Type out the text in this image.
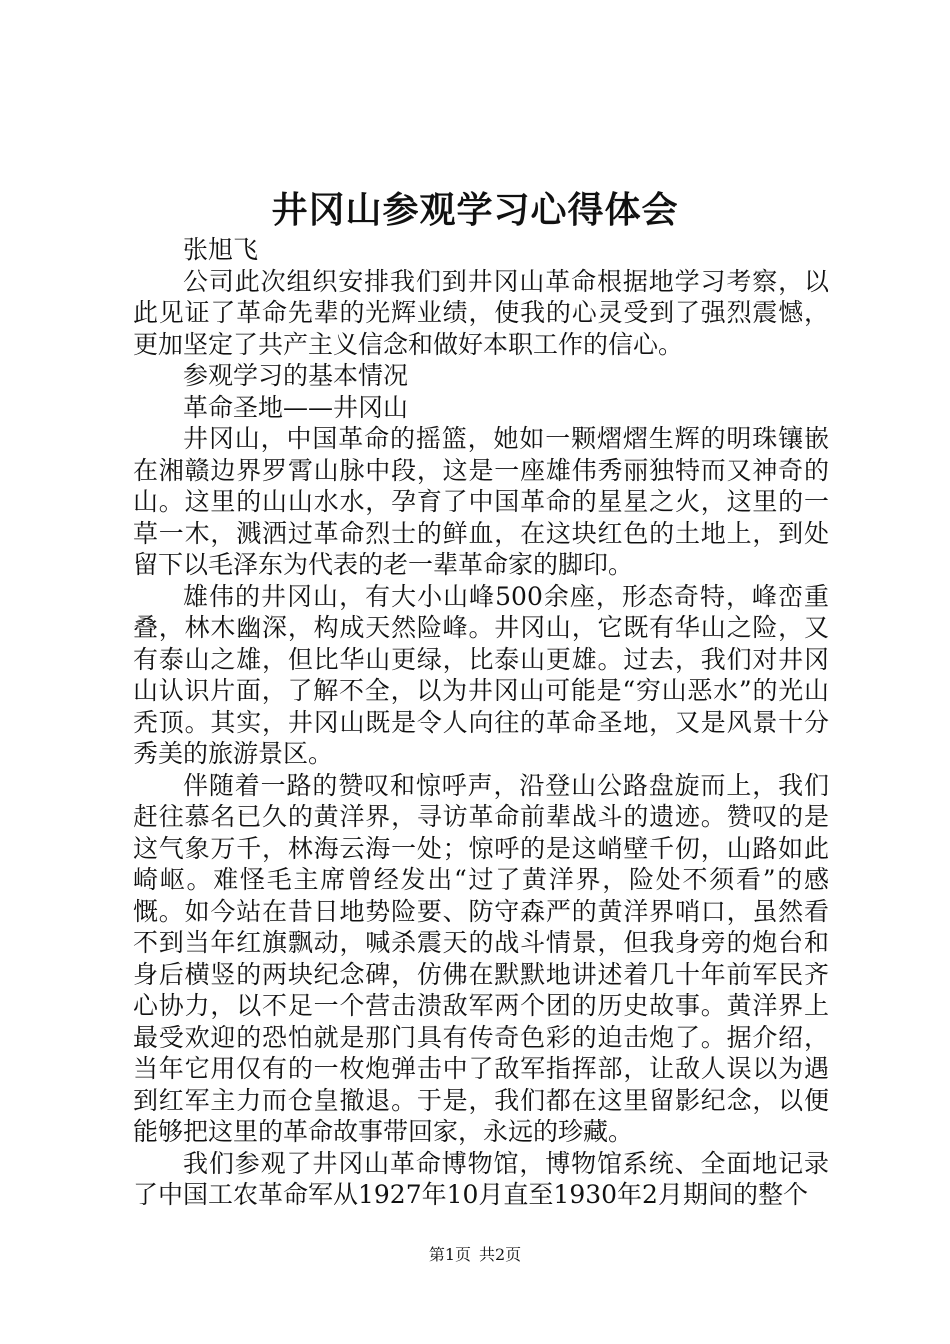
井冈山参观学习心得体会

张旭飞

公司此次组织安排我们到井冈山革命根据地学习考察，以此见证了革命先辈的光辉业绩，使我的心灵受到了强烈震憾，更加坚定了共产主义信念和做好本职工作的信心。

参观学习的基本情况

革命圣地——井冈山

井冈山，中国革命的摇篮，她如一颗熠熠生辉的明珠镶嵌在湘赣边界罗霄山脉中段，这是一座雄伟秀丽独特而又神奇的山。这里的山山水水，孕育了中国革命的星星之火，这里的一草一木，溅洒过革命烈士的鲜血，在这块红色的土地上，到处留下以毛泽东为代表的老一辈革命家的脚印。

雄伟的井冈山，有大小山峰500余座，形态奇特，峰峦重叠，林木幽深，构成天然险峰。井冈山，它既有华山之险，又有泰山之雄，但比华山更绿，比泰山更雄。过去，我们对井冈山认识片面，了解不全，以为井冈山可能是“穷山恶水”的光山秃顶。其实，井冈山既是令人向往的革命圣地，又是风景十分秀美的旅游景区。

伴随着一路的赞叹和惊呼声，沿登山公路盘旋而上，我们赶往慕名已久的黄洋界，寻访革命前辈战斗的遗迹。赞叹的是这气象万千，林海云海一处；惊呼的是这峭壁千仞，山路如此崎岖。难怪毛主席曾经发出“过了黄洋界，险处不须看”的感慨。如今站在昔日地势险要、防守森严的黄洋界哨口，虽然看不到当年红旗飘动，喊杀震天的战斗情景，但我身旁的炮台和身后横竖的两块纪念碑，仿佛在默默地讲述着几十年前军民齐心协力，以不足一个营击溃敌军两个团的历史故事。黄洋界上最受欢迎的恐怕就是那门具有传奇色彩的迫击炮了。据介绍，当年它用仅有的一枚炮弹击中了敌军指挥部，让敌人误以为遇到红军主力而仓皇撤退。于是，我们都在这里留影纪念，以便能够把这里的革命故事带回家，永远的珍藏。

我们参观了井冈山革命博物馆，博物馆系统、全面地记录了中国工农革命军从1927年10月直至1930年2月期间的整个

第1页 共2页
